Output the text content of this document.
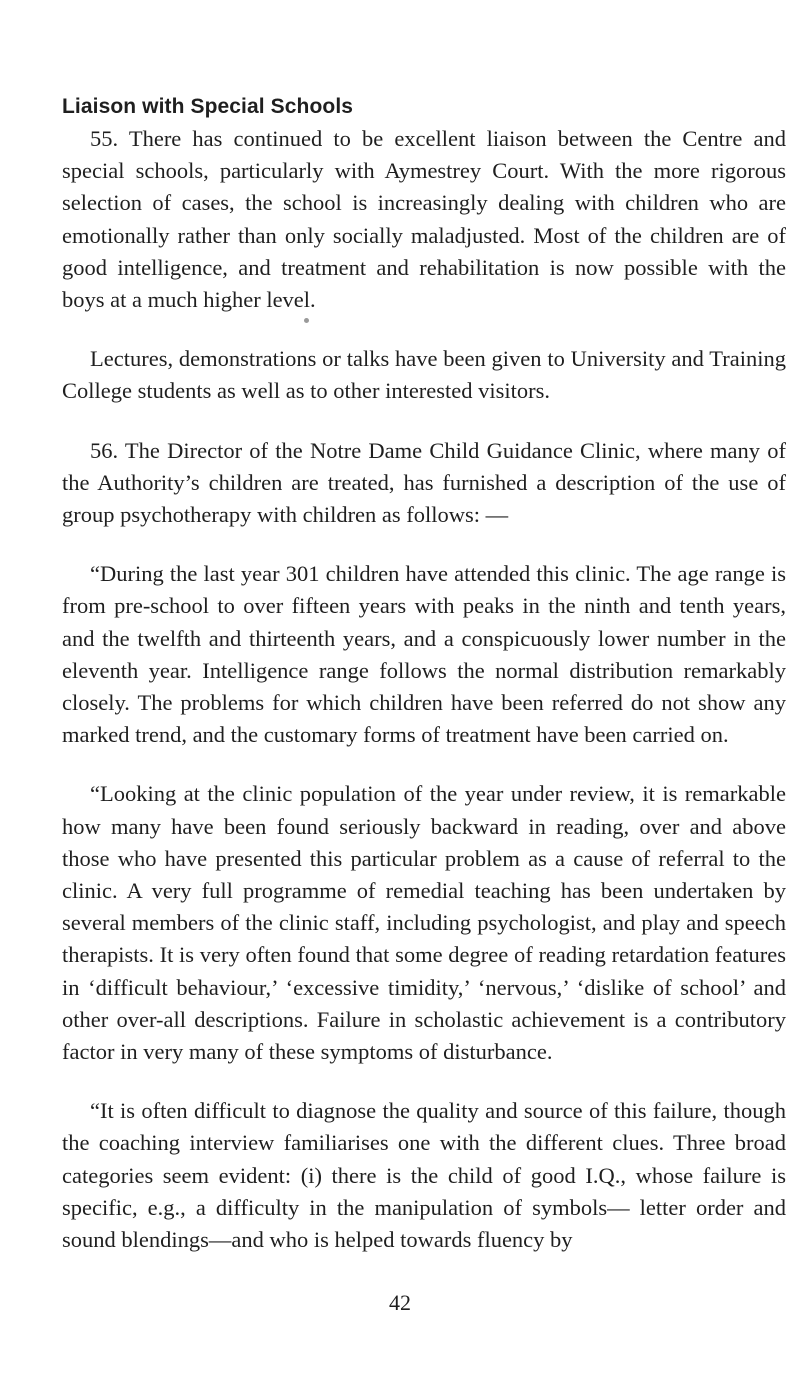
Liaison with Special Schools

55. There has continued to be excellent liaison between the Centre and special schools, particularly with Aymestrey Court. With the more rigorous selection of cases, the school is increasingly dealing with children who are emotionally rather than only socially maladjusted. Most of the children are of good intelligence, and treatment and rehabilitation is now possible with the boys at a much higher level.

Lectures, demonstrations or talks have been given to University and Training College students as well as to other interested visitors.

56. The Director of the Notre Dame Child Guidance Clinic, where many of the Authority’s children are treated, has furnished a description of the use of group psychotherapy with children as follows: —

“During the last year 301 children have attended this clinic. The age range is from pre-school to over fifteen years with peaks in the ninth and tenth years, and the twelfth and thirteenth years, and a conspicuously lower number in the eleventh year. Intelligence range follows the normal distribution remarkably closely. The problems for which children have been referred do not show any marked trend, and the customary forms of treatment have been carried on.

“Looking at the clinic population of the year under review, it is remarkable how many have been found seriously backward in reading, over and above those who have presented this particular problem as a cause of referral to the clinic. A very full programme of remedial teaching has been undertaken by several members of the clinic staff, including psychologist, and play and speech therapists. It is very often found that some degree of reading retardation features in ‘difficult behaviour,’ ‘excessive timidity,’ ‘nervous,’ ‘dislike of school’ and other over-all descriptions. Failure in scholastic achievement is a contributory factor in very many of these symptoms of disturbance.

“It is often difficult to diagnose the quality and source of this failure, though the coaching interview familiarises one with the different clues. Three broad categories seem evident: (i) there is the child of good I.Q., whose failure is specific, e.g., a difficulty in the manipulation of symbols— letter order and sound blendings—and who is helped towards fluency by

42
